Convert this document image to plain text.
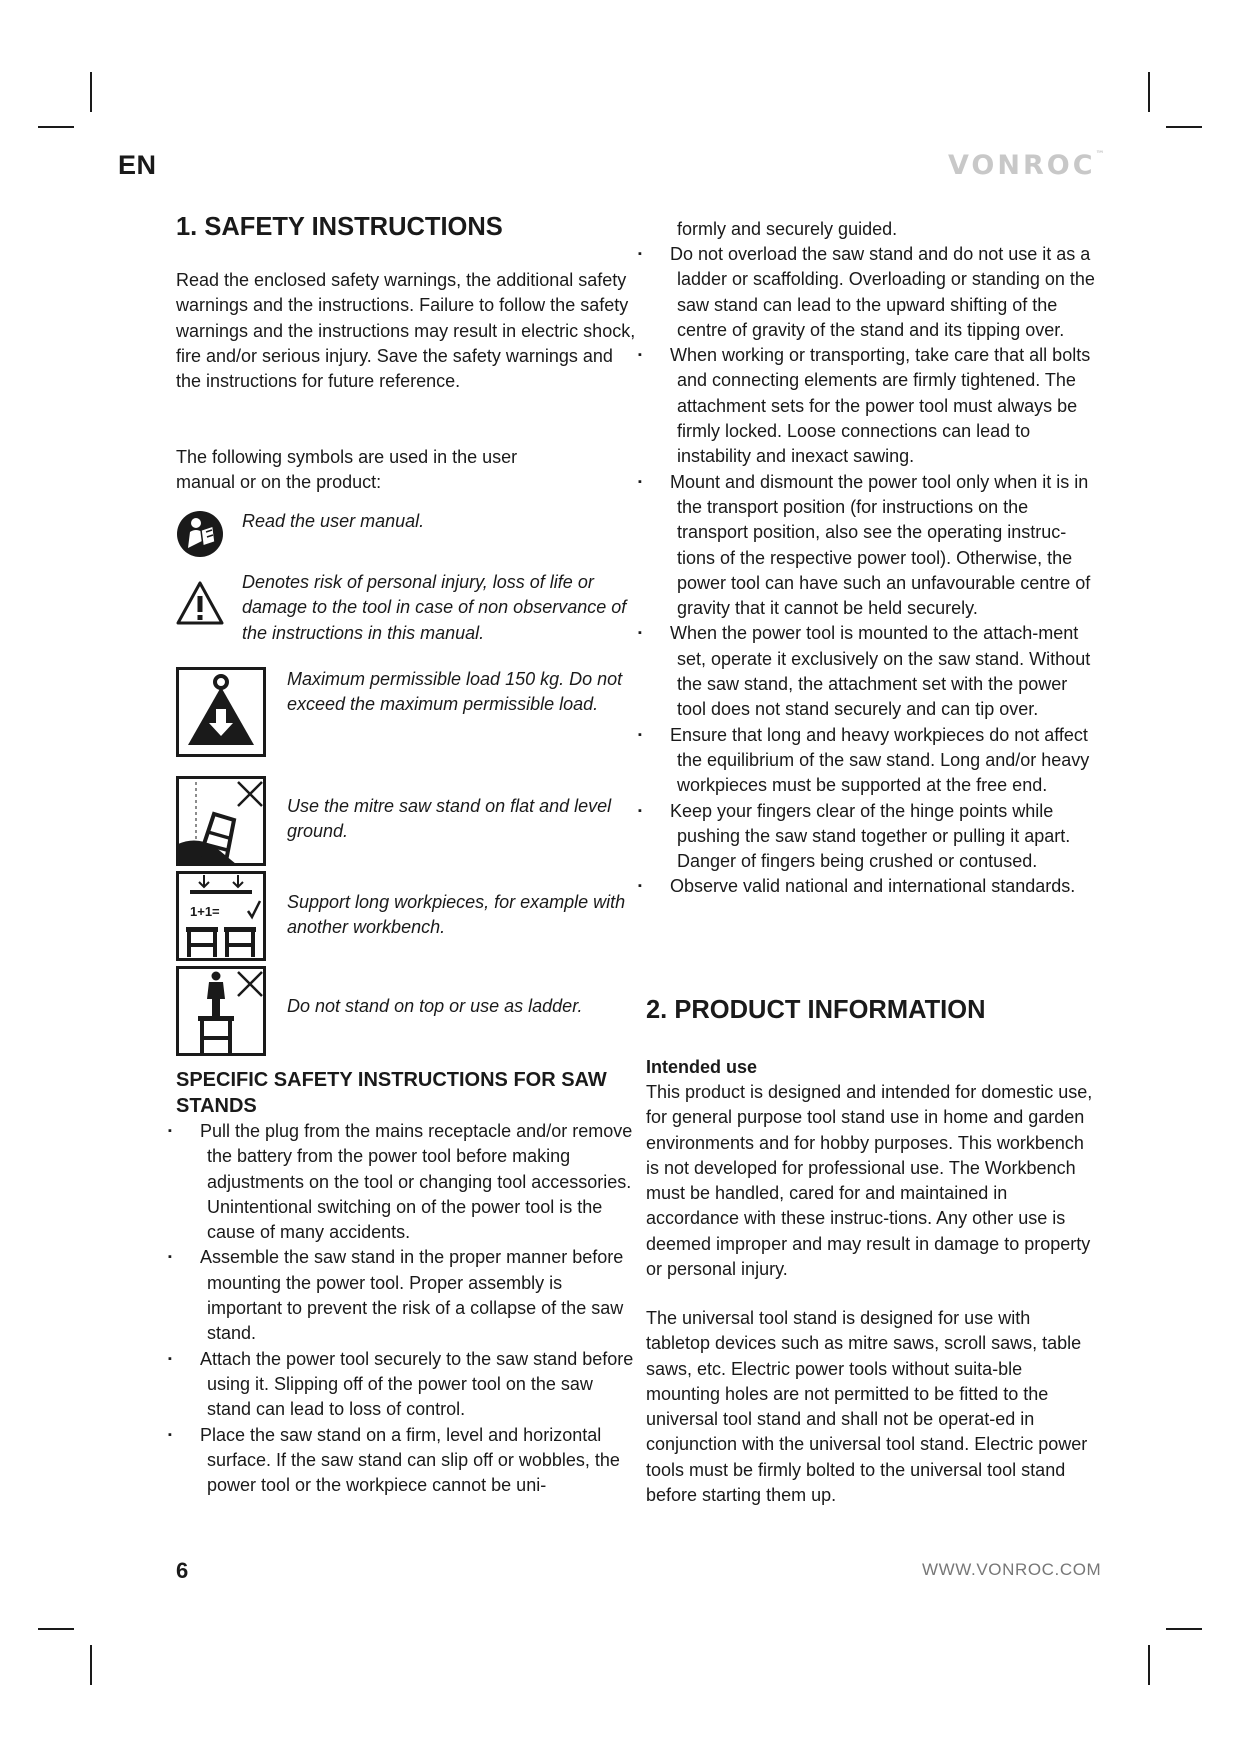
EN	VONROC™
1. SAFETY INSTRUCTIONS

Read the enclosed safety warnings, the additional safety warnings and the instructions. Failure to follow the safety warnings and the instructions may result in electric shock, fire and/or serious injury. Save the safety warnings and the instructions for future reference.

The following symbols are used in the user manual or on the product:

Read the user manual.

Denotes risk of personal injury, loss of life or damage to the tool in case of non observance of the instructions in this manual.

Maximum permissible load 150 kg. Do not exceed the maximum permissible load.

Use the mitre saw stand on flat and level ground.

1+1=	Support long workpieces, for example with another workbench.

Do not stand on top or use as ladder.

SPECIFIC SAFETY INSTRUCTIONS FOR SAW STANDS
▪ Pull the plug from the mains receptacle and/or remove the battery from the power tool before making adjustments on the tool or changing tool accessories. Unintentional switching on of the power tool is the cause of many accidents.
▪ Assemble the saw stand in the proper manner before mounting the power tool. Proper assembly is important to prevent the risk of a collapse of the saw stand.
▪ Attach the power tool securely to the saw stand before using it. Slipping off of the power tool on the saw stand can lead to loss of control.
▪ Place the saw stand on a firm, level and horizontal surface. If the saw stand can slip off or wobbles, the power tool or the workpiece cannot be uni-

formly and securely guided.

▪ Do not overload the saw stand and do not use it as a ladder or scaffolding. Overloading or standing on the saw stand can lead to the upward shifting of the centre of gravity of the stand and its tipping over.
▪ When working or transporting, take care that all bolts and connecting elements are firmly tightened. The attachment sets for the power tool must always be firmly locked. Loose connections can lead to instability and inexact sawing.
▪ Mount and dismount the power tool only when it is in the transport position (for instructions on the transport position, also see the operating instruc-tions of the respective power tool). Otherwise, the power tool can have such an unfavourable centre of gravity that it cannot be held securely.
▪ When the power tool is mounted to the attach-ment set, operate it exclusively on the saw stand. Without the saw stand, the attachment set with the power tool does not stand securely and can tip over.
▪ Ensure that long and heavy workpieces do not affect the equilibrium of the saw stand. Long and/or heavy workpieces must be supported at the free end.
▪ Keep your fingers clear of the hinge points while pushing the saw stand together or pulling it apart. Danger of fingers being crushed or contused.
▪ Observe valid national and international standards.
2. PRODUCT INFORMATION
Intended use

This product is designed and intended for domestic use, for general purpose tool stand use in home and garden environments and for hobby purposes. This workbench is not developed for professional use. The Workbench must be handled, cared for and maintained in accordance with these instruc-tions. Any other use is deemed improper and may result in damage to property or personal injury.

The universal tool stand is designed for use with tabletop devices such as mitre saws, scroll saws, table saws, etc. Electric power tools without suita-ble mounting holes are not permitted to be fitted to the universal tool stand and shall not be operat-ed in conjunction with the universal tool stand. Electric power tools must be firmly bolted to the universal tool stand before starting them up.

6	WWW.VONROC.COM
